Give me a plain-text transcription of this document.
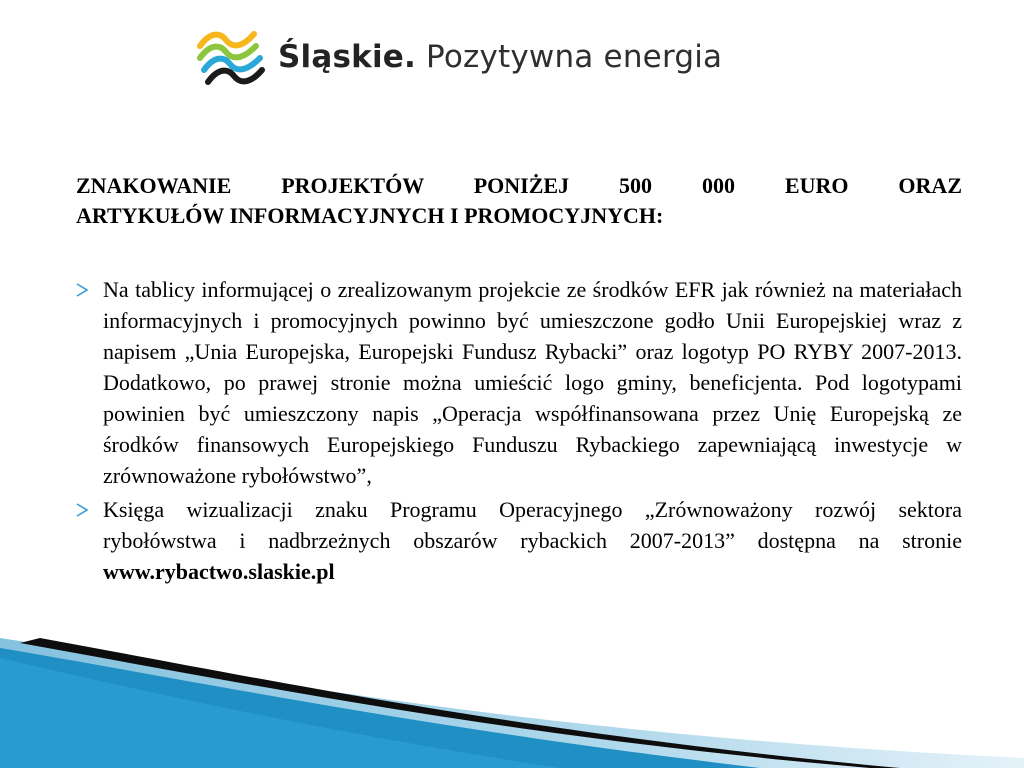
Śląskie. Pozytywna energia
ZNAKOWANIE PROJEKTÓW PONIŻEJ 500 000 EURO ORAZ
ARTYKUŁÓW INFORMACYJNYCH I PROMOCYJNYCH:
Na tablicy informującej o zrealizowanym projekcie ze środków EFR jak również na materiałach informacyjnych i promocyjnych powinno być umieszczone godło Unii Europejskiej wraz z napisem „Unia Europejska, Europejski Fundusz Rybacki” oraz logotyp PO RYBY 2007-2013. Dodatkowo, po prawej stronie można umieścić logo gminy, beneficjenta. Pod logotypami powinien być umieszczony napis „Operacja współfinansowana przez Unię Europejską ze środków finansowych Europejskiego Funduszu Rybackiego zapewniającą inwestycje w zrównoważone rybołówstwo”,
Księga wizualizacji znaku Programu Operacyjnego „Zrównoważony rozwój sektora rybołówstwa i nadbrzeżnych obszarów rybackich 2007-2013” dostępna na stronie www.rybactwo.slaskie.pl
